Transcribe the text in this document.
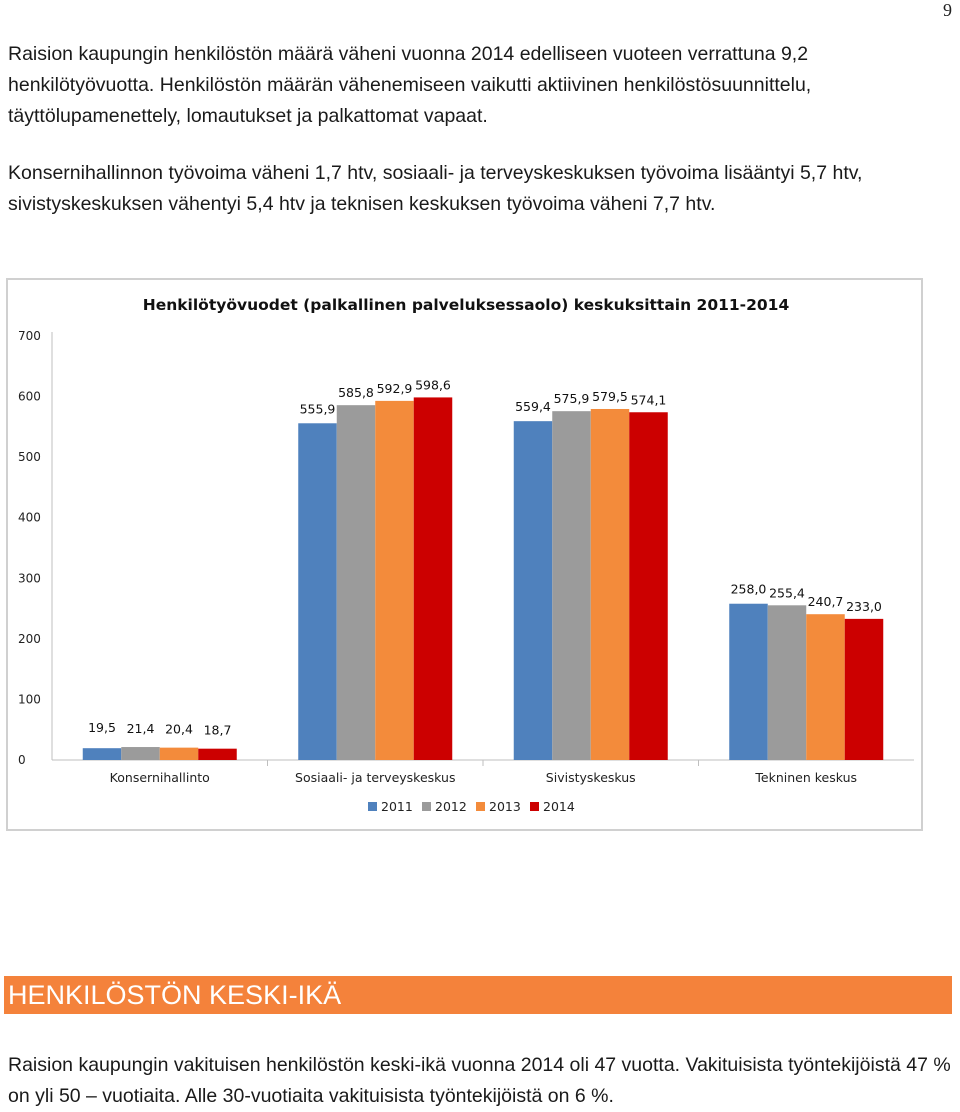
9

Raision kaupungin henkilöstön määrä väheni vuonna 2014 edelliseen vuoteen verrattuna 9,2 henkilötyövuotta. Henkilöstön määrän vähenemiseen vaikutti aktiivinen henkilöstösuunnittelu, täyttölupamenettely, lomautukset ja palkattomat vapaat.

Konsernihallinnon työvoima väheni 1,7 htv, sosiaali- ja terveyskeskuksen työvoima lisääntyi 5,7 htv, sivistyskeskuksen vähentyi 5,4 htv ja teknisen keskuksen työvoima väheni 7,7 htv.

Henkilötyövuodet (palkallinen palveluksessaolo) keskuksittain 2011-2014
0
100
200
300
400
500
600
700
Konsernihallinto
19,5 21,4 20,4 18,7
Sosiaali- ja terveyskeskus
555,9
585,8 592,9 598,6
Sivistyskeskus
559,4
575,9 579,5 574,1
Tekninen keskus
258,0 255,4
240,7 233,0
2011 2012 2013 2014
HENKILÖSTÖN KESKI-IKÄ

Raision kaupungin vakituisen henkilöstön keski-ikä vuonna 2014 oli 47 vuotta. Vakituisista työntekijöistä 47 % on yli 50 – vuotiaita. Alle 30-vuotiaita vakituisista työntekijöistä on 6 %.
